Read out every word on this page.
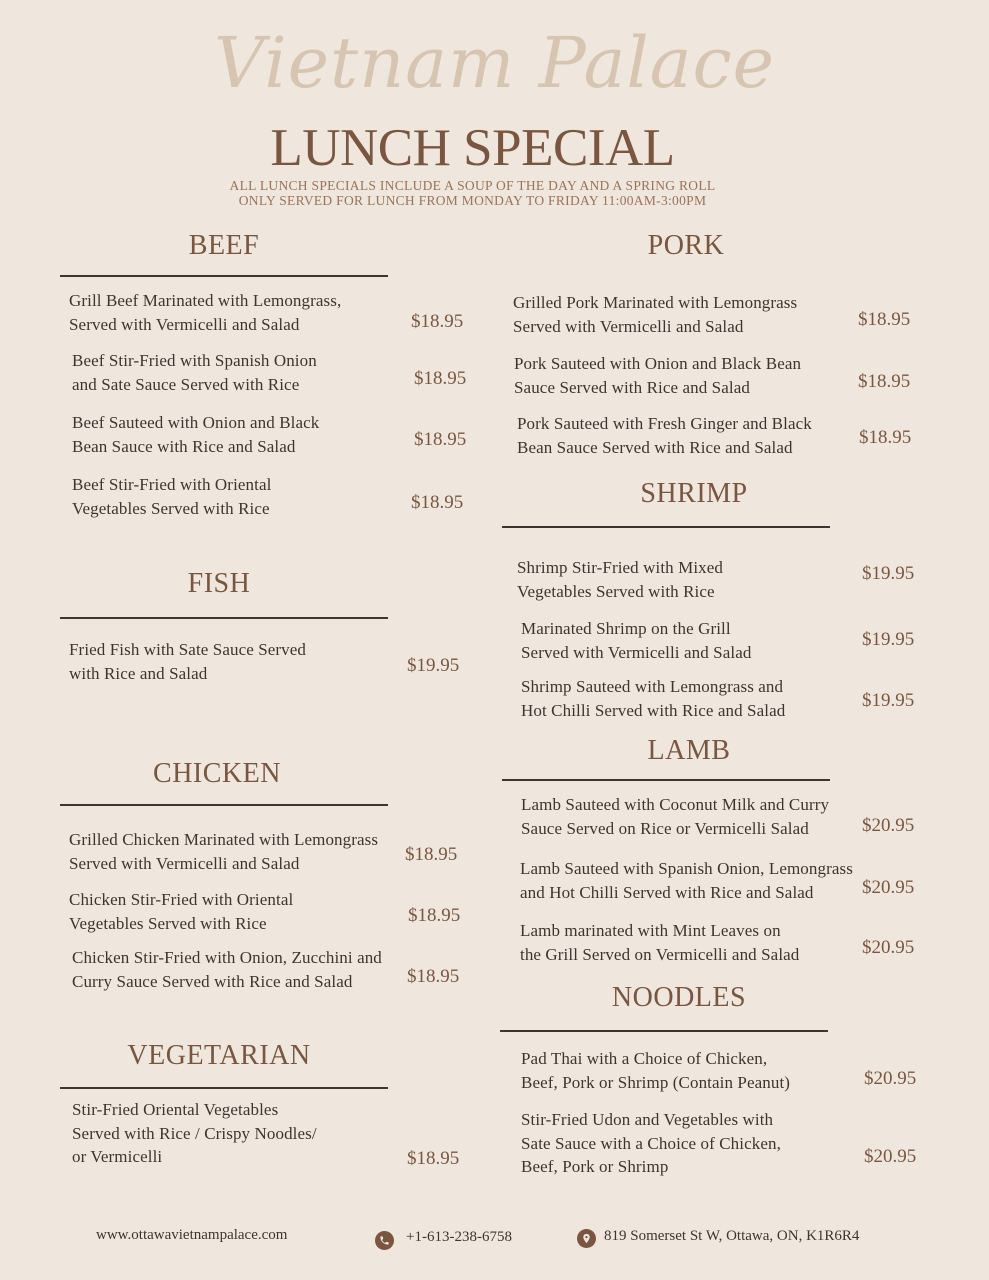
Vietnam Palace
LUNCH SPECIAL
ALL LUNCH SPECIALS INCLUDE A SOUP OF THE DAY AND A SPRING ROLL
ONLY SERVED FOR LUNCH FROM MONDAY TO FRIDAY 11:00AM-3:00PM
BEEF
Grill Beef Marinated with Lemongrass,
Served with Vermicelli and Salad	$18.95
Beef Stir-Fried with Spanish Onion
and Sate Sauce Served with Rice	$18.95
Beef Sauteed with Onion and Black
Bean Sauce with Rice and Salad	$18.95
Beef Stir-Fried with Oriental
Vegetables Served with Rice	$18.95
FISH
Fried Fish with Sate Sauce Served
with Rice and Salad	$19.95
CHICKEN
Grilled Chicken Marinated with Lemongrass
Served with Vermicelli and Salad	$18.95
Chicken Stir-Fried with Oriental
Vegetables Served with Rice	$18.95
Chicken Stir-Fried with Onion, Zucchini and
Curry Sauce Served with Rice and Salad	$18.95
VEGETARIAN
Stir-Fried Oriental Vegetables
Served with Rice / Crispy Noodles/
or Vermicelli	$18.95
PORK
Grilled Pork Marinated with Lemongrass
Served with Vermicelli and Salad	$18.95
Pork Sauteed with Onion and Black Bean
Sauce Served with Rice and Salad	$18.95
Pork Sauteed with Fresh Ginger and Black
Bean Sauce Served with Rice and Salad	$18.95
SHRIMP
Shrimp Stir-Fried with Mixed
Vegetables Served with Rice
$19.95
Marinated Shrimp on the Grill
Served with Vermicelli and Salad
$19.95
Shrimp Sauteed with Lemongrass and
Hot Chilli Served with Rice and Salad	$19.95
LAMB
Lamb Sauteed with Coconut Milk and Curry
Sauce Served on Rice or Vermicelli Salad	$20.95
Lamb Sauteed with Spanish Onion, Lemongrass
and Hot Chilli Served with Rice and Salad	$20.95
Lamb marinated with Mint Leaves on
the Grill Served on Vermicelli and Salad	$20.95
NOODLES
Pad Thai with a Choice of Chicken,
Beef, Pork or Shrimp (Contain Peanut)	$20.95
Stir-Fried Udon and Vegetables with
Sate Sauce with a Choice of Chicken,
Beef, Pork or Shrimp	$20.95
www.ottawavietnampalace.com	+1-613-238-6758	819 Somerset St W, Ottawa, ON, K1R6R4
